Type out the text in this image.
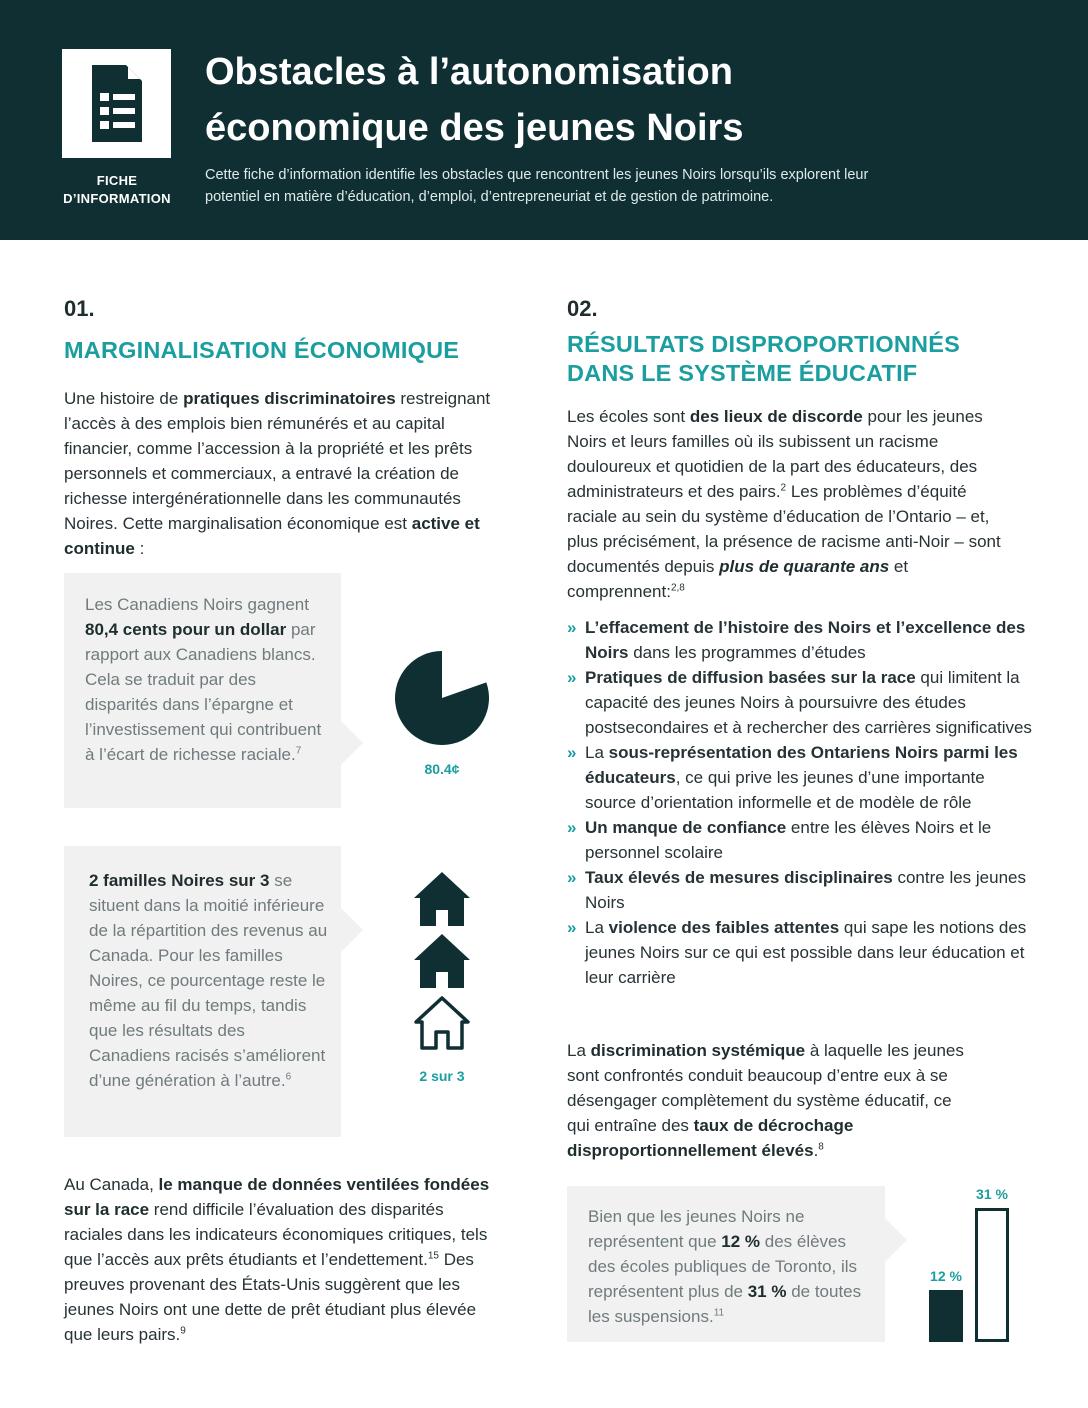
FICHE
D’INFORMATION
Obstacles à l’autonomisation
économique des jeunes Noirs
Cette fiche d’information identifie les obstacles que rencontrent les jeunes Noirs lorsqu’ils explorent leur potentiel en matière d’éducation, d’emploi, d’entrepreneuriat et de gestion de patrimoine.
01.
MARGINALISATION ÉCONOMIQUE
Une histoire de pratiques discriminatoires restreignant l’accès à des emplois bien rémunérés et au capital financier, comme l’accession à la propriété et les prêts personnels et commerciaux, a entravé la création de richesse intergénérationnelle dans les communautés Noires. Cette marginalisation économique est active et continue :
Les Canadiens Noirs gagnent 80,4 cents pour un dollar par rapport aux Canadiens blancs. Cela se traduit par des disparités dans l’épargne et l’investissement qui contribuent à l’écart de richesse raciale.$^7$
80.4¢
2 familles Noires sur 3 se situent dans la moitié inférieure de la répartition des revenus au Canada. Pour les familles Noires, ce pourcentage reste le même au fil du temps, tandis que les résultats des Canadiens racisés s’améliorent d’une génération à l’autre.$^6$	2 sur 3
Au Canada, le manque de données ventilées fondées sur la race rend difficile l’évaluation des disparités raciales dans les indicateurs économiques critiques, tels que l’accès aux prêts étudiants et l’endettement.$^{15}$ Des preuves provenant des États-Unis suggèrent que les jeunes Noirs ont une dette de prêt étudiant plus élevée que leurs pairs.$^9$
02.
RÉSULTATS DISPROPORTIONNÉS
DANS LE SYSTÈME ÉDUCATIF
Les écoles sont des lieux de discorde pour les jeunes Noirs et leurs familles où ils subissent un racisme douloureux et quotidien de la part des éducateurs, des administrateurs et des pairs.$^2$ Les problèmes d’équité raciale au sein du système d’éducation de l’Ontario – et, plus précisément, la présence de racisme anti-Noir – sont documentés depuis plus de quarante ans et comprennent:$^{2,8}$
» L’effacement de l’histoire des Noirs et l’excellence des Noirs dans les programmes d’études
» Pratiques de diffusion basées sur la race qui limitent la capacité des jeunes Noirs à poursuivre des études postsecondaires et à rechercher des carrières significatives
» La sous-représentation des Ontariens Noirs parmi les éducateurs, ce qui prive les jeunes d’une importante source d’orientation informelle et de modèle de rôle
» Un manque de confiance entre les élèves Noirs et le personnel scolaire
» Taux élevés de mesures disciplinaires contre les jeunes Noirs
» La violence des faibles attentes qui sape les notions des jeunes Noirs sur ce qui est possible dans leur éducation et leur carrière
La discrimination systémique à laquelle les jeunes sont confrontés conduit beaucoup d’entre eux à se désengager complètement du système éducatif, ce qui entraîne des taux de décrochage disproportionnellement élevés.$^8$
Bien que les jeunes Noirs ne représentent que 12 % des élèves des écoles publiques de Toronto, ils représentent plus de 31 % de toutes les suspensions.$^{11}$
12 %
31 %
